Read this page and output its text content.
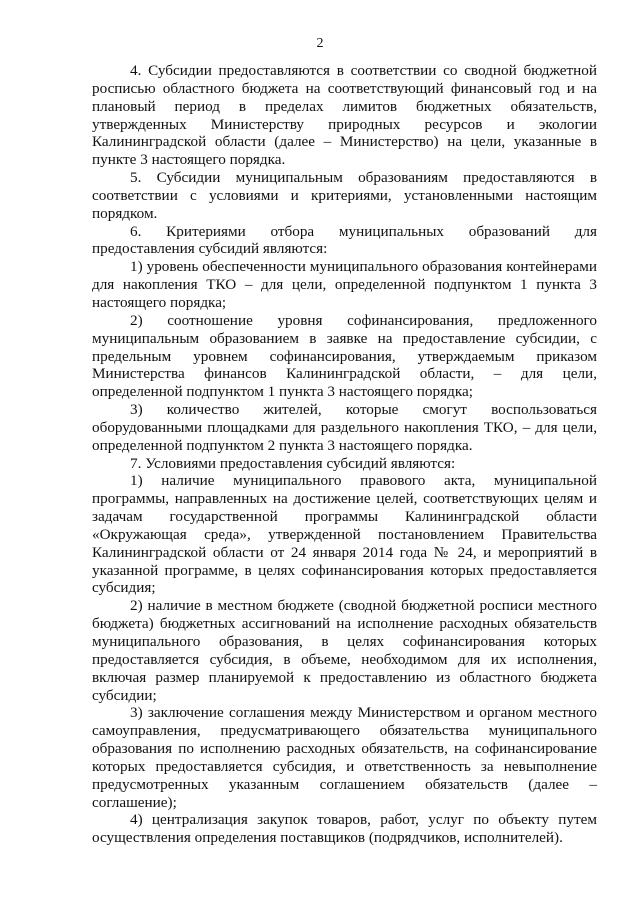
2

4. Субсидии предоставляются в соответствии со сводной бюджетной росписью областного бюджета на соответствующий финансовый год и на плановый период в пределах лимитов бюджетных обязательств, утвержденных Министерству природных ресурсов и экологии Калининградской области (далее – Министерство) на цели, указанные в пункте 3 настоящего порядка.

5. Субсидии муниципальным образованиям предоставляются в соответствии с условиями и критериями, установленными настоящим порядком.

6. Критериями отбора муниципальных образований для предоставления субсидий являются:

1) уровень обеспеченности муниципального образования контейнерами для накопления ТКО – для цели, определенной подпунктом 1 пункта 3 настоящего порядка;

2) соотношение уровня софинансирования, предложенного муниципальным образованием в заявке на предоставление субсидии, с предельным уровнем софинансирования, утверждаемым приказом Министерства финансов Калининградской области, – для цели, определенной подпунктом 1 пункта 3 настоящего порядка;

3) количество жителей, которые смогут воспользоваться оборудованными площадками для раздельного накопления ТКО, – для цели, определенной подпунктом 2 пункта 3 настоящего порядка.

7. Условиями предоставления субсидий являются:

1) наличие муниципального правового акта, муниципальной программы, направленных на достижение целей, соответствующих целям и задачам государственной программы Калининградской области «Окружающая среда», утвержденной постановлением Правительства Калининградской области от 24 января 2014 года № 24, и мероприятий в указанной программе, в целях софинансирования которых предоставляется субсидия;

2) наличие в местном бюджете (сводной бюджетной росписи местного бюджета) бюджетных ассигнований на исполнение расходных обязательств муниципального образования, в целях софинансирования которых предоставляется субсидия, в объеме, необходимом для их исполнения, включая размер планируемой к предоставлению из областного бюджета субсидии;

3) заключение соглашения между Министерством и органом местного самоуправления, предусматривающего обязательства муниципального образования по исполнению расходных обязательств, на софинансирование которых предоставляется субсидия, и ответственность за невыполнение предусмотренных указанным соглашением обязательств (далее – соглашение);

4) централизация закупок товаров, работ, услуг по объекту путем осуществления определения поставщиков (подрядчиков, исполнителей).
